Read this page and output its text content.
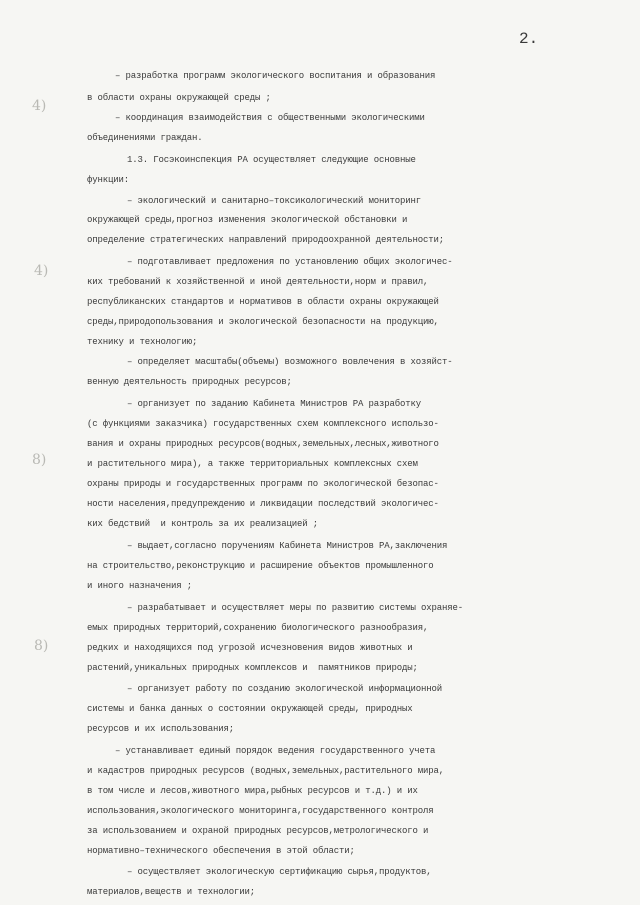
2.
4)
4)
8)
8)
– разработка программ экологического воспитания и образования
в области охраны окружающей среды ;
– координация взаимодействия с общественными экологическими
объединениями граждан.
1.3. Госэкоинспекция РА осуществляет следующие основные
функции:
– экологический и санитарно–токсикологический мониторинг
окружающей среды,прогноз изменения экологической обстановки и
определение стратегических направлений природоохранной деятельности;
– подготавливает предложения по установлению общих экологичес-
ких требований к хозяйственной и иной деятельности,норм и правил,
республиканских стандартов и нормативов в области охраны окружающей
среды,природопользования и экологической безопасности на продукцию,
технику и технологию;
– определяет масштабы(объемы) возможного вовлечения в хозяйст-
венную деятельность природных ресурсов;
– организует по заданию Кабинета Министров РА разработку
(с функциями заказчика) государственных схем комплексного использо-
вания и охраны природных ресурсов(водных,земельных,лесных,животного
и растительного мира), а также территориальных комплексных схем
охраны природы и государственных программ по экологической безопас-
ности населения,предупреждению и ликвидации последствий экологичес-
ких бедствий  и контроль за их реализацией ;
– выдает,согласно поручениям Кабинета Министров РА,заключения
на строительство,реконструкцию и расширение объектов промышленного
и иного назначения ;
– разрабатывает и осуществляет меры по развитию системы охраняе-
емых природных территорий,сохранению биологического разнообразия,
редких и находящихся под угрозой исчезновения видов животных и
растений,уникальных природных комплексов и  памятников природы;
– организует работу по созданию экологической информационной
системы и банка данных о состоянии окружающей среды, природных
ресурсов и их использования;
– устанавливает единый порядок ведения государственного учета
и кадастров природных ресурсов (водных,земельных,растительного мира,
в том числе и лесов,животного мира,рыбных ресурсов и т.д.) и их
использования,экологического мониторинга,государственного контроля
за использованием и охраной природных ресурсов,метрологического и
нормативно–технического обеспечения в этой области;
– осуществляет экологическую сертификацию сырья,продуктов,
материалов,веществ и технологии;
